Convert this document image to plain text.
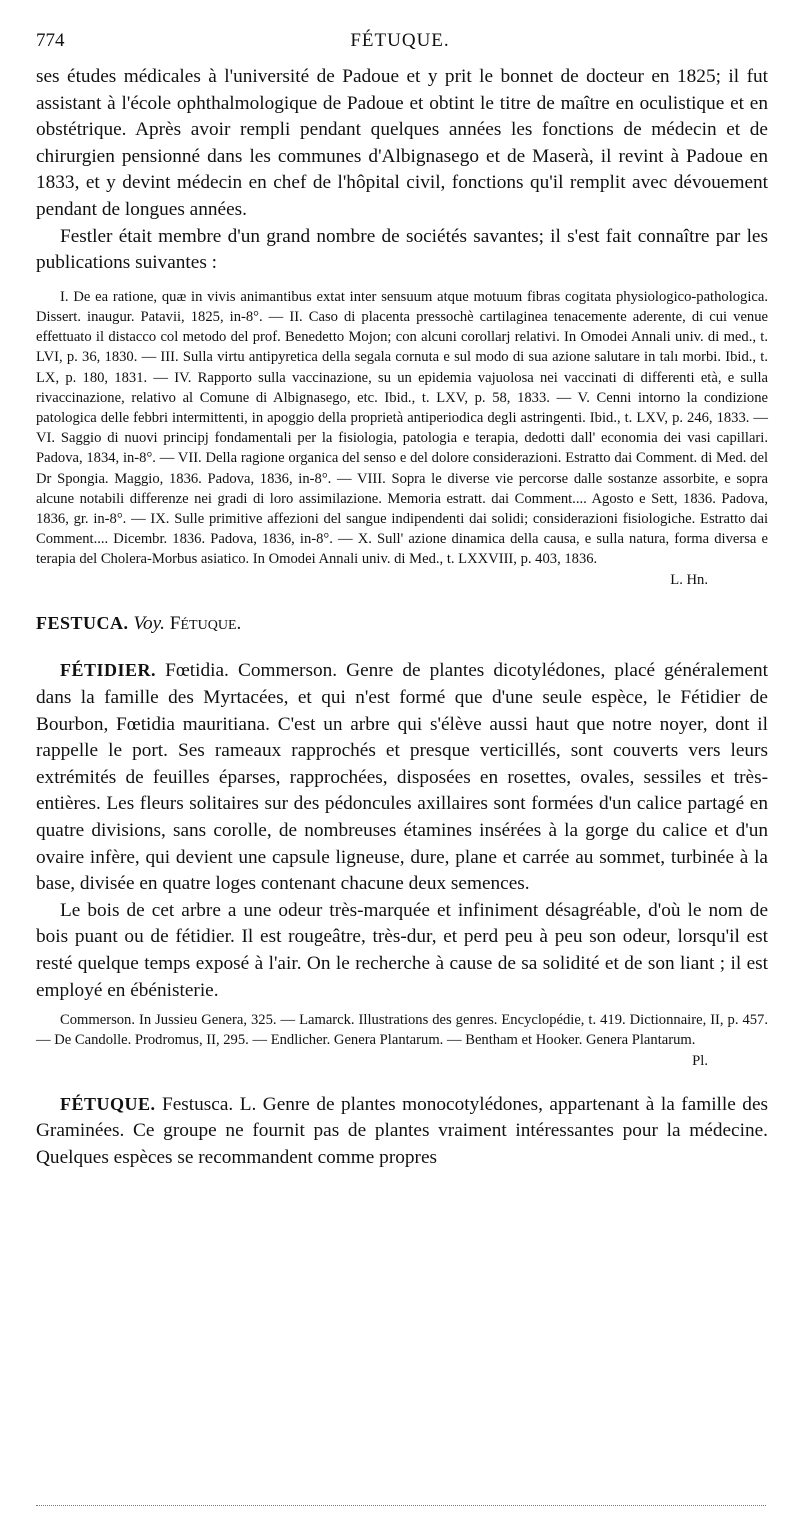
774	FÉTUQUE.

ses études médicales à l'université de Padoue et y prit le bonnet de docteur en 1825; il fut assistant à l'école ophthalmologique de Padoue et obtint le titre de maître en oculistique et en obstétrique. Après avoir rempli pendant quelques années les fonctions de médecin et de chirurgien pensionné dans les communes d'Albignasego et de Maserà, il revint à Padoue en 1833, et y devint médecin en chef de l'hôpital civil, fonctions qu'il remplit avec dévouement pendant de longues années.

Festler était membre d'un grand nombre de sociétés savantes; il s'est fait connaître par les publications suivantes :

I. De ea ratione, quæ in vivis animantibus extat inter sensuum atque motuum fibras cogitata physiologico-pathologica. Dissert. inaugur. Patavii, 1825, in-8°. — II. Caso di placenta pressochè cartilaginea tenacemente aderente, di cui venue effettuato il distacco col metodo del prof. Benedetto Mojon; con alcuni corollarj relativi. In Omodei Annali univ. di med., t. LVI, p. 36, 1830. — III. Sulla virtu antipyretica della segala cornuta e sul modo di sua azione salutare in talı morbi. Ibid., t. LX, p. 180, 1831. — IV. Rapporto sulla vaccinazione, su un epidemia vajuolosa nei vaccinati di differenti età, e sulla rivaccinazione, relativo al Comune di Albignasego, etc. Ibid., t. LXV, p. 58, 1833. — V. Cenni intorno la condizione patologica delle febbri intermittenti, in apoggio della proprietà antiperiodica degli astringenti. Ibid., t. LXV, p. 246, 1833. — VI. Saggio di nuovi principj fondamentali per la fisiologia, patologia e terapia, dedotti dall' economia dei vasi capillari. Padova, 1834, in-8°. — VII. Della ragione organica del senso e del dolore considerazioni. Estratto dai Comment. di Med. del Dr Spongia. Maggio, 1836. Padova, 1836, in-8°. — VIII. Sopra le diverse vie percorse dalle sostanze assorbite, e sopra alcune notabili differenze nei gradi di loro assimilazione. Memoria estratt. dai Comment.... Agosto e Sett, 1836. Padova, 1836, gr. in-8°. — IX. Sulle primitive affezioni del sangue indipendenti dai solidi; considerazioni fisiologiche. Estratto dai Comment.... Dicembr. 1836. Padova, 1836, in-8°. — X. Sull' azione dinamica della causa, e sulla natura, forma diversa e terapia del Cholera-Morbus asiatico. In Omodei Annali univ. di Med., t. LXXVIII, p. 403, 1836.

L. Hn.

FESTUCA. Voy. Fétuque.

FÉTIDIER. Fœtidia. Commerson. Genre de plantes dicotylédones, placé généralement dans la famille des Myrtacées, et qui n'est formé que d'une seule espèce, le Fétidier de Bourbon, Fœtidia mauritiana. C'est un arbre qui s'élève aussi haut que notre noyer, dont il rappelle le port. Ses rameaux rapprochés et presque verticillés, sont couverts vers leurs extrémités de feuilles éparses, rapprochées, disposées en rosettes, ovales, sessiles et très-entières. Les fleurs solitaires sur des pédoncules axillaires sont formées d'un calice partagé en quatre divisions, sans corolle, de nombreuses étamines insérées à la gorge du calice et d'un ovaire infère, qui devient une capsule ligneuse, dure, plane et carrée au sommet, turbinée à la base, divisée en quatre loges contenant chacune deux semences.

Le bois de cet arbre a une odeur très-marquée et infiniment désagréable, d'où le nom de bois puant ou de fétidier. Il est rougeâtre, très-dur, et perd peu à peu son odeur, lorsqu'il est resté quelque temps exposé à l'air. On le recherche à cause de sa solidité et de son liant ; il est employé en ébénisterie.

Commerson. In Jussieu Genera, 325. — Lamarck. Illustrations des genres. Encyclopédie, t. 419. Dictionnaire, II, p. 457. — De Candolle. Prodromus, II, 295. — Endlicher. Genera Plantarum. — Bentham et Hooker. Genera Plantarum.

Pl.

FÉTUQUE. Festusca. L. Genre de plantes monocotylédones, appartenant à la famille des Graminées. Ce groupe ne fournit pas de plantes vraiment intéressantes pour la médecine. Quelques espèces se recommandent comme propres
